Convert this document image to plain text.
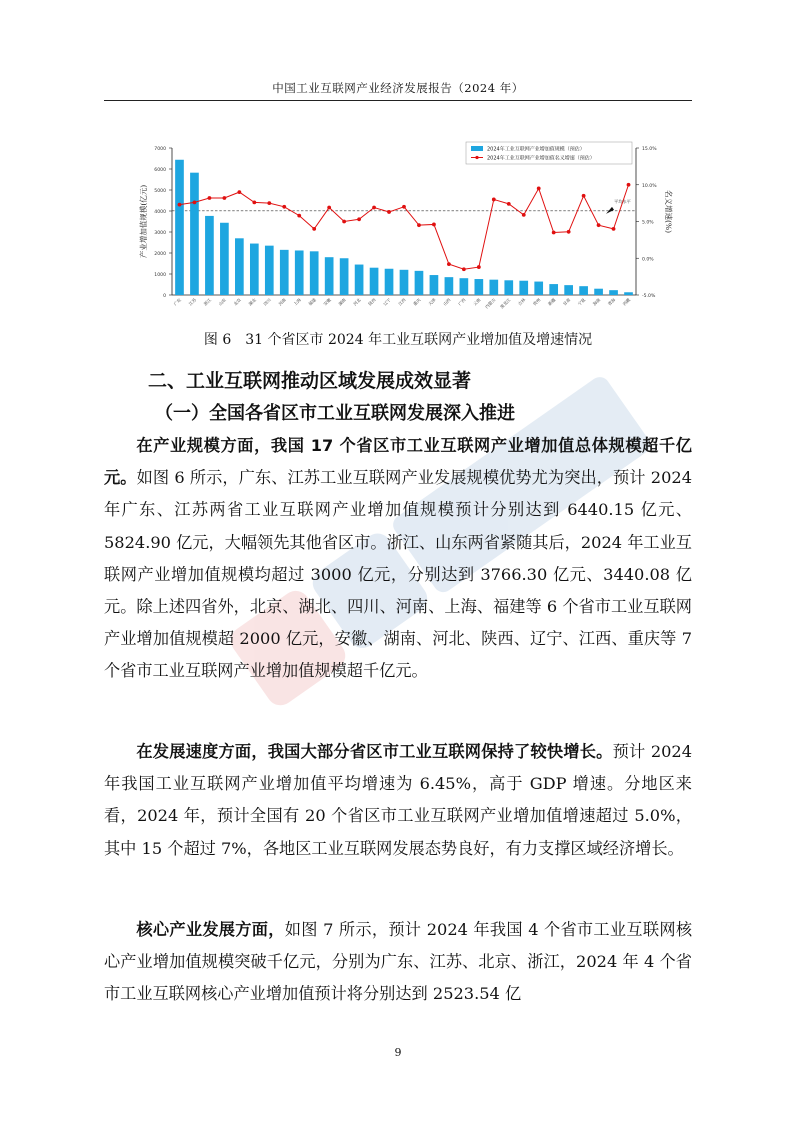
中国工业互联网产业经济发展报告（2024 年）
0
1000
2000
3000
4000
5000
6000
7000
-5.0%
0.0%
5.0%
10.0%
15.0%
产业增加值规模(亿元)	名义增速(%)
广东	江苏	浙江	山东	北京	湖北	四川 河南 上海 福建	安徽	湖南 河北	陕西	辽宁 江西	重庆	天津	山西	广西	云南 内蒙古 黑龙江	吉林	贵州 新疆	甘肃	宁夏	海南 青海	西藏
平均水平
2024年工业互联网产业增加值规模（预估）
2024年工业互联网产业增加值名义增速（预估）
图 6　31 个省区市 2024 年工业互联网产业增加值及增速情况
二、工业互联网推动区域发展成效显著
（一）全国各省区市工业互联网发展深入推进

在产业规模方面，我国 17 个省区市工业互联网产业增加值总体规模超千亿元。如图 6 所示，广东、江苏工业互联网产业发展规模优势尤为突出，预计 2024 年广东、江苏两省工业互联网产业增加值规模预计分别达到 6440.15 亿元、5824.90 亿元，大幅领先其他省区市。浙江、山东两省紧随其后，2024 年工业互联网产业增加值规模均超过 3000 亿元，分别达到 3766.30 亿元、3440.08 亿元。除上述四省外，北京、湖北、四川、河南、上海、福建等 6 个省市工业互联网产业增加值规模超 2000 亿元，安徽、湖南、河北、陕西、辽宁、江西、重庆等 7 个省市工业互联网产业增加值规模超千亿元。

在发展速度方面，我国大部分省区市工业互联网保持了较快增长。预计 2024 年我国工业互联网产业增加值平均增速为 6.45%，高于 GDP 增速。分地区来看，2024 年，预计全国有 20 个省区市工业互联网产业增加值增速超过 5.0%，其中 15 个超过 7%，各地区工业互联网发展态势良好，有力支撑区域经济增长。

核心产业发展方面，如图 7 所示，预计 2024 年我国 4 个省市工业互联网核心产业增加值规模突破千亿元，分别为广东、江苏、北京、浙江，2024 年 4 个省市工业互联网核心产业增加值预计将分别达到 2523.54 亿

9
